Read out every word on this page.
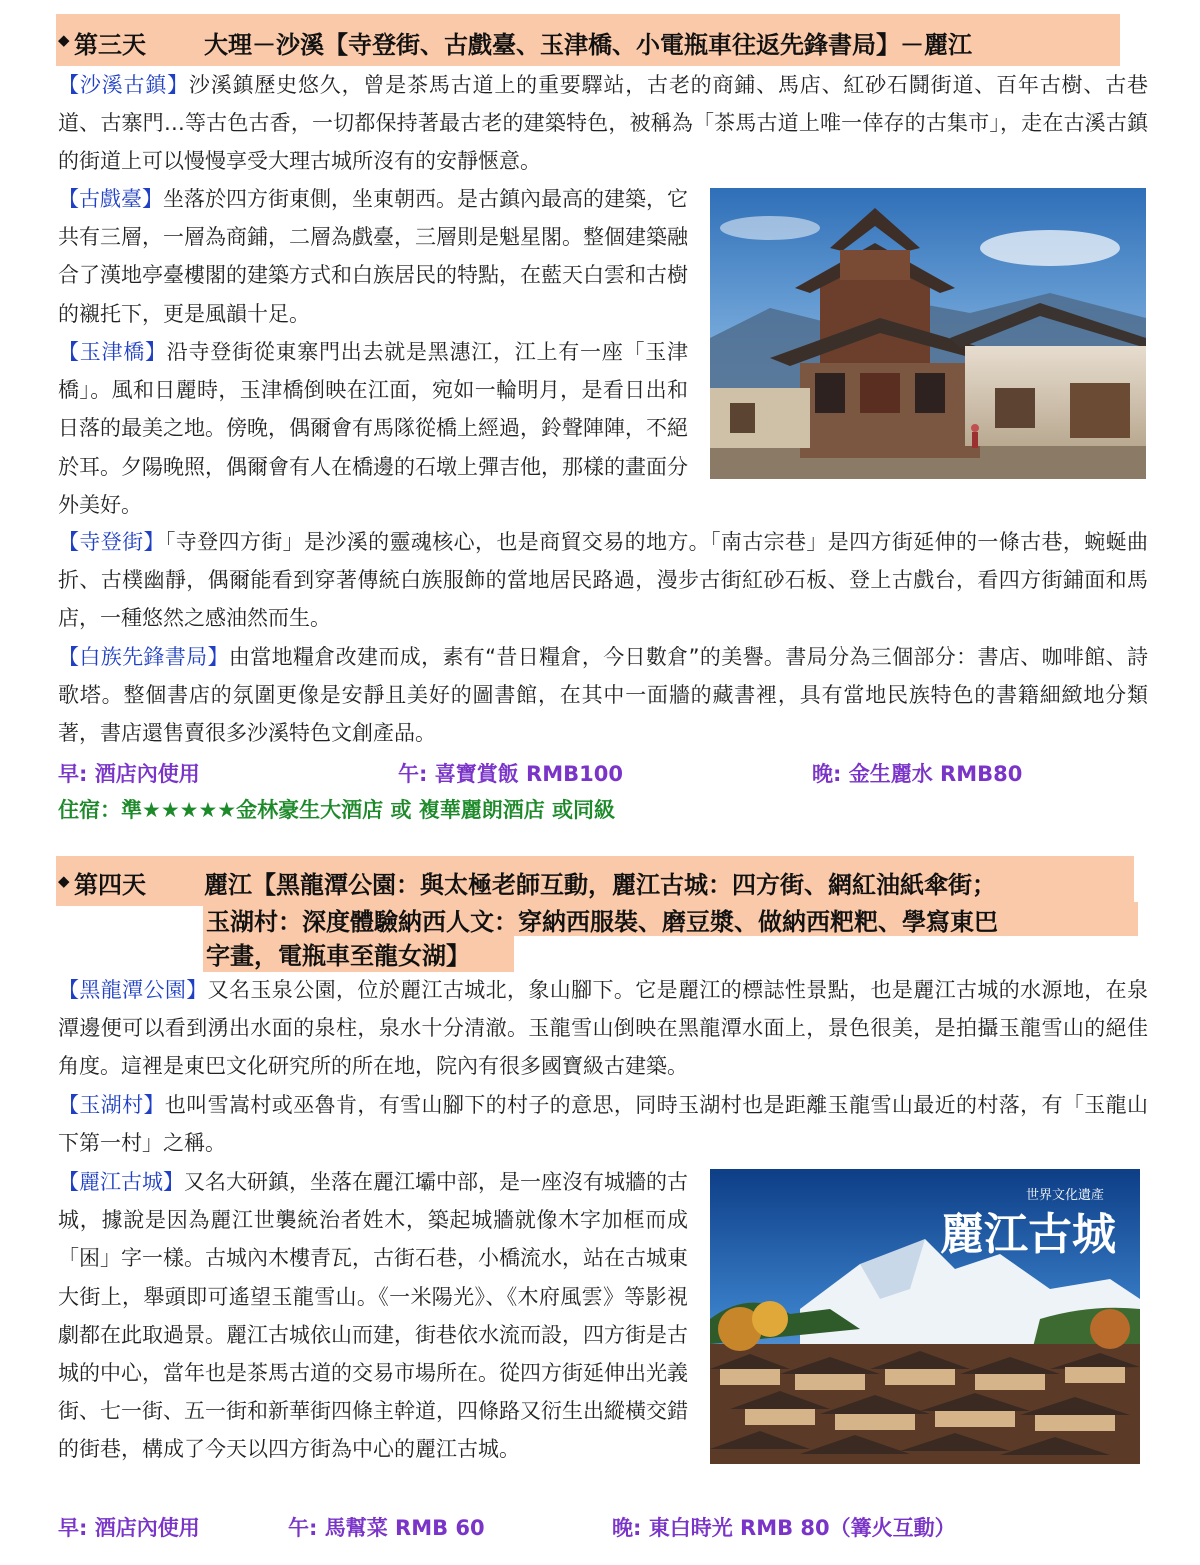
◆ 第三天 大理－沙溪【寺登街、古戲臺、玉津橋、小電瓶車往返先鋒書局】－麗江

【沙溪古鎮】沙溪鎮歷史悠久，曾是茶馬古道上的重要驛站，古老的商鋪、馬店、紅砂石鬪街道、百年古樹、古巷道、古寨門…等古色古香，一切都保持著最古老的建築特色，被稱為「茶馬古道上唯一倖存的古集市」，走在古溪古鎮的街道上可以慢慢享受大理古城所沒有的安靜愜意。

【古戲臺】坐落於四方街東側，坐東朝西。是古鎮內最高的建築，它共有三層，一層為商鋪，二層為戲臺，三層則是魁星閣。整個建築融合了漢地亭臺樓閣的建築方式和白族居民的特點，在藍天白雲和古樹的襯托下，更是風韻十足。

【玉津橋】沿寺登街從東寨門出去就是黑潓江，江上有一座「玉津橋」。風和日麗時，玉津橋倒映在江面，宛如一輪明月，是看日出和日落的最美之地。傍晚，偶爾會有馬隊從橋上經過，鈴聲陣陣，不絕於耳。夕陽晚照，偶爾會有人在橋邊的石墩上彈吉他，那樣的畫面分外美好。

【寺登街】「寺登四方街」是沙溪的靈魂核心，也是商貿交易的地方。「南古宗巷」是四方街延伸的一條古巷，蜿蜒曲折、古樸幽靜，偶爾能看到穿著傳統白族服飾的當地居民路過，漫步古街紅砂石板、登上古戲台，看四方街鋪面和馬店，一種悠然之感油然而生。

【白族先鋒書局】由當地糧倉改建而成，素有“昔日糧倉，今日數倉”的美譽。書局分為三個部分：書店、咖啡館、詩歌塔。整個書店的氛圍更像是安靜且美好的圖書館，在其中一面牆的藏書裡，具有當地民族特色的書籍細緻地分類著，書店還售賣很多沙溪特色文創產品。

早: 酒店內使用	午: 喜寶賞飯 RMB100	晚: 金生麗水 RMB80
住宿：準★★★★★金林豪生大酒店 或 複華麗朗酒店 或同級
◆ 第四天 麗江【黑龍潭公園：與太極老師互動，麗江古城：四方街、網紅油紙傘街；
玉湖村：深度體驗納西人文：穿納西服裝、磨豆漿、做納西粑粑、學寫東巴
字畫，電瓶車至龍女湖】

【黑龍潭公園】又名玉泉公園，位於麗江古城北，象山腳下。它是麗江的標誌性景點，也是麗江古城的水源地，在泉潭邊便可以看到湧出水面的泉柱，泉水十分清澈。玉龍雪山倒映在黑龍潭水面上，景色很美，是拍攝玉龍雪山的絕佳角度。這裡是東巴文化研究所的所在地，院內有很多國寶級古建築。

【玉湖村】也叫雪嵩村或巫魯肯，有雪山腳下的村子的意思，同時玉湖村也是距離玉龍雪山最近的村落，有「玉龍山下第一村」之稱。

【麗江古城】又名大研鎮，坐落在麗江壩中部，是一座沒有城牆的古城，據說是因為麗江世襲統治者姓木，築起城牆就像木字加框而成「困」字一樣。古城內木樓青瓦，古街石巷，小橋流水，站在古城東大街上，舉頭即可遙望玉龍雪山。《一米陽光》、《木府風雲》等影視劇都在此取過景。麗江古城依山而建，街巷依水流而設，四方街是古城的中心，當年也是茶馬古道的交易市場所在。從四方街延伸出光義街、七一街、五一街和新華街四條主幹道，四條路又衍生出縱橫交錯的街巷，構成了今天以四方街為中心的麗江古城。

世界文化遺產
麗江古城
早: 酒店內使用	午: 馬幫菜 RMB 60	晚: 東白時光 RMB 80（篝火互動）
